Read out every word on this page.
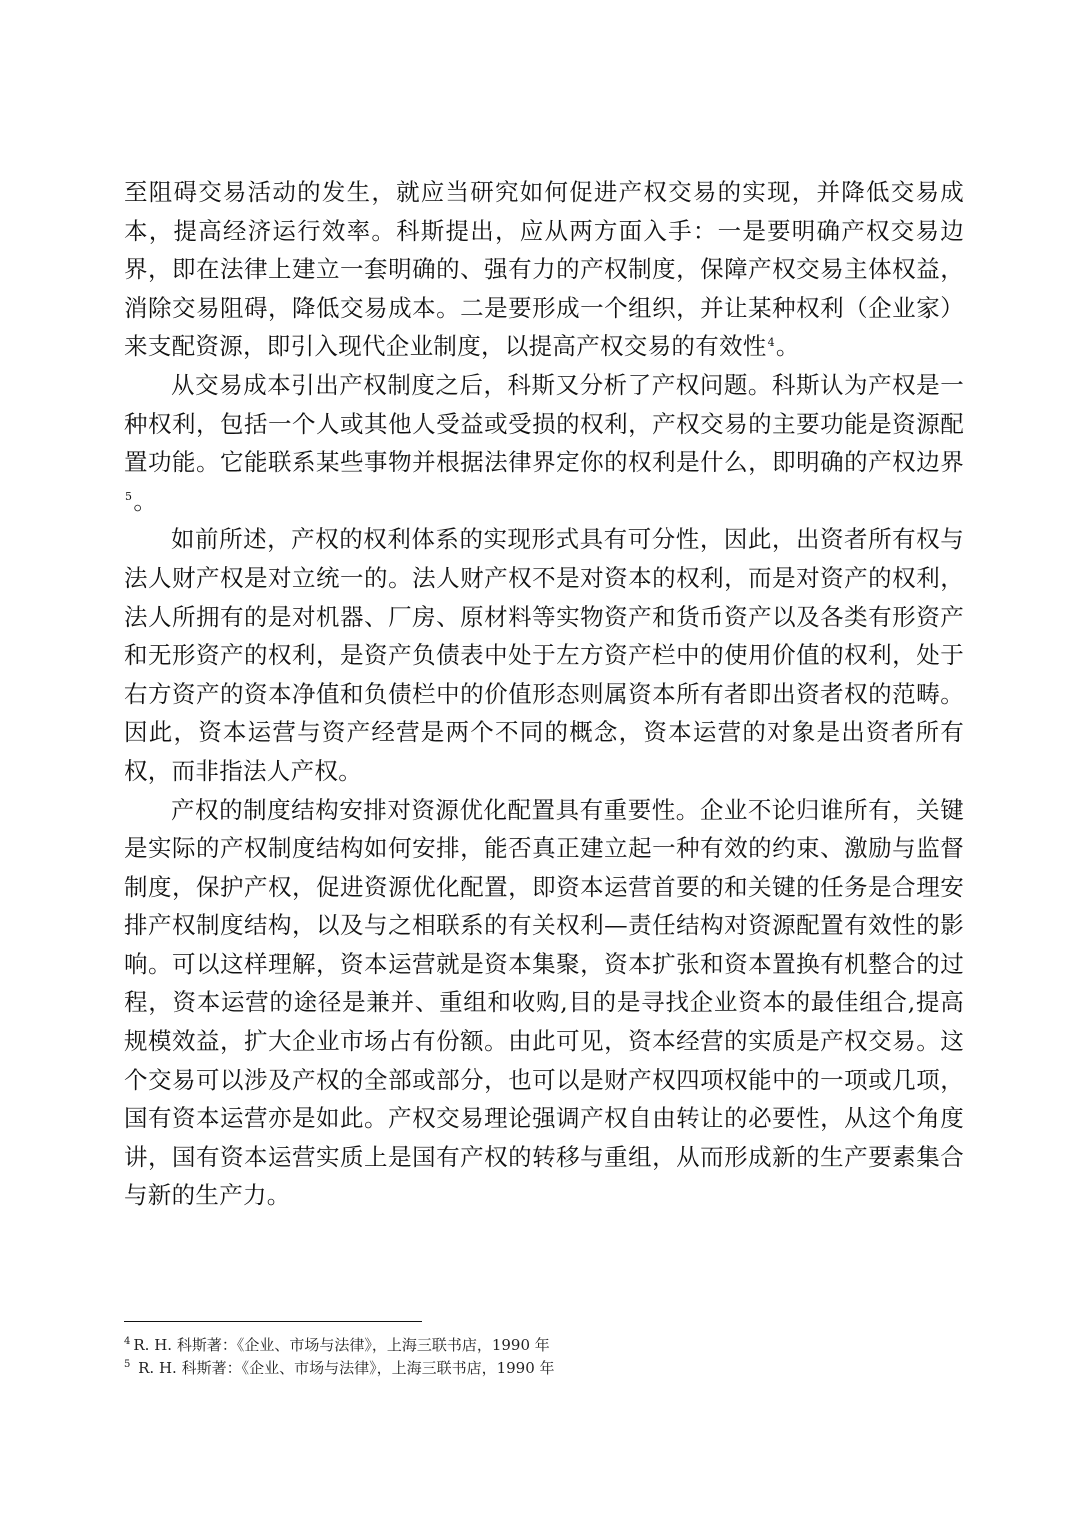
至阻碍交易活动的发生，就应当研究如何促进产权交易的实现，并降低交易成本，提高经济运行效率。科斯提出，应从两方面入手：一是要明确产权交易边界，即在法律上建立一套明确的、强有力的产权制度，保障产权交易主体权益，消除交易阻碍，降低交易成本。二是要形成一个组织，并让某种权利（企业家）来支配资源，即引入现代企业制度，以提高产权交易的有效性$^4$。

从交易成本引出产权制度之后，科斯又分析了产权问题。科斯认为产权是一种权利，包括一个人或其他人受益或受损的权利，产权交易的主要功能是资源配置功能。它能联系某些事物并根据法律界定你的权利是什么，即明确的产权边界$^5$。

如前所述，产权的权利体系的实现形式具有可分性，因此，出资者所有权与法人财产权是对立统一的。法人财产权不是对资本的权利，而是对资产的权利，法人所拥有的是对机器、厂房、原材料等实物资产和货币资产以及各类有形资产和无形资产的权利，是资产负债表中处于左方资产栏中的使用价值的权利，处于右方资产的资本净值和负债栏中的价值形态则属资本所有者即出资者权的范畴。因此，资本运营与资产经营是两个不同的概念，资本运营的对象是出资者所有权，而非指法人产权。

产权的制度结构安排对资源优化配置具有重要性。企业不论归谁所有，关键是实际的产权制度结构如何安排，能否真正建立起一种有效的约束、激励与监督制度，保护产权，促进资源优化配置，即资本运营首要的和关键的任务是合理安排产权制度结构，以及与之相联系的有关权利—责任结构对资源配置有效性的影响。可以这样理解，资本运营就是资本集聚，资本扩张和资本置换有机整合的过程，资本运营的途径是兼并、重组和收购,目的是寻找企业资本的最佳组合,提高规模效益，扩大企业市场占有份额。由此可见，资本经营的实质是产权交易。这个交易可以涉及产权的全部或部分，也可以是财产权四项权能中的一项或几项，国有资本运营亦是如此。产权交易理论强调产权自由转让的必要性，从这个角度讲，国有资本运营实质上是国有产权的转移与重组，从而形成新的生产要素集合与新的生产力。

$^4$ R. H. 科斯著：《企业、市场与法律》，上海三联书店，1990 年
$^5$ R. H. 科斯著：《企业、市场与法律》，上海三联书店，1990 年
